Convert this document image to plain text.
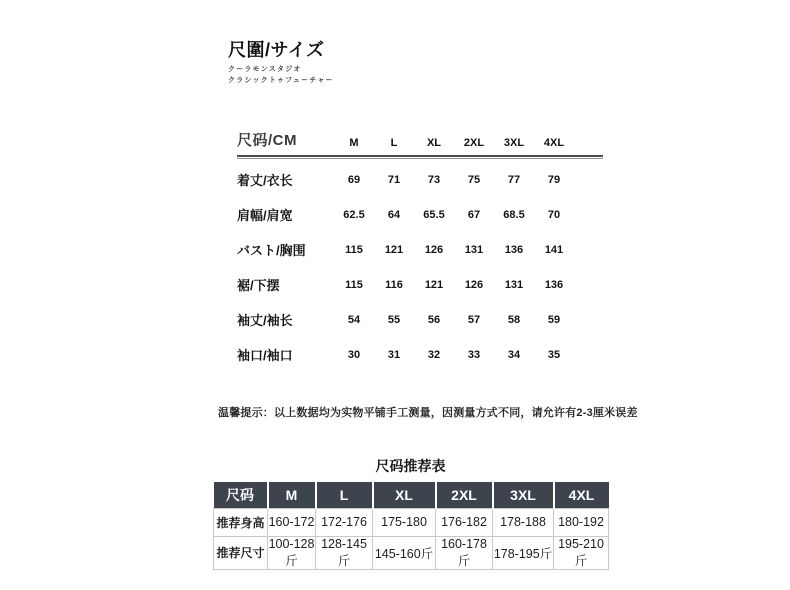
尺圍/サイズ
クーラモンスタジオ
クラシックトゥフューチャー
尺码/CM	M	L	XL	2XL	3XL	4XL
着丈/衣长	69	71	73	75	77	79
肩幅/肩宽	62.5	64	65.5	67	68.5	70
バスト/胸围	115	121	126	131	136	141
裾/下摆	115	116	121	126	131	136
袖丈/袖长	54	55	56	57	58	59
袖口/袖口	30	31	32	33	34	35

温馨提示：以上数据均为实物平铺手工测量，因测量方式不同，请允许有2-3厘米误差

尺码推荐表
尺码	M	L	XL	2XL	3XL	4XL
推荐身高	160-172	172-176	175-180	176-182	178-188	180-192
推荐尺寸	100-128斤	128-145斤	145-160斤	160-178斤	178-195斤	195-210斤
